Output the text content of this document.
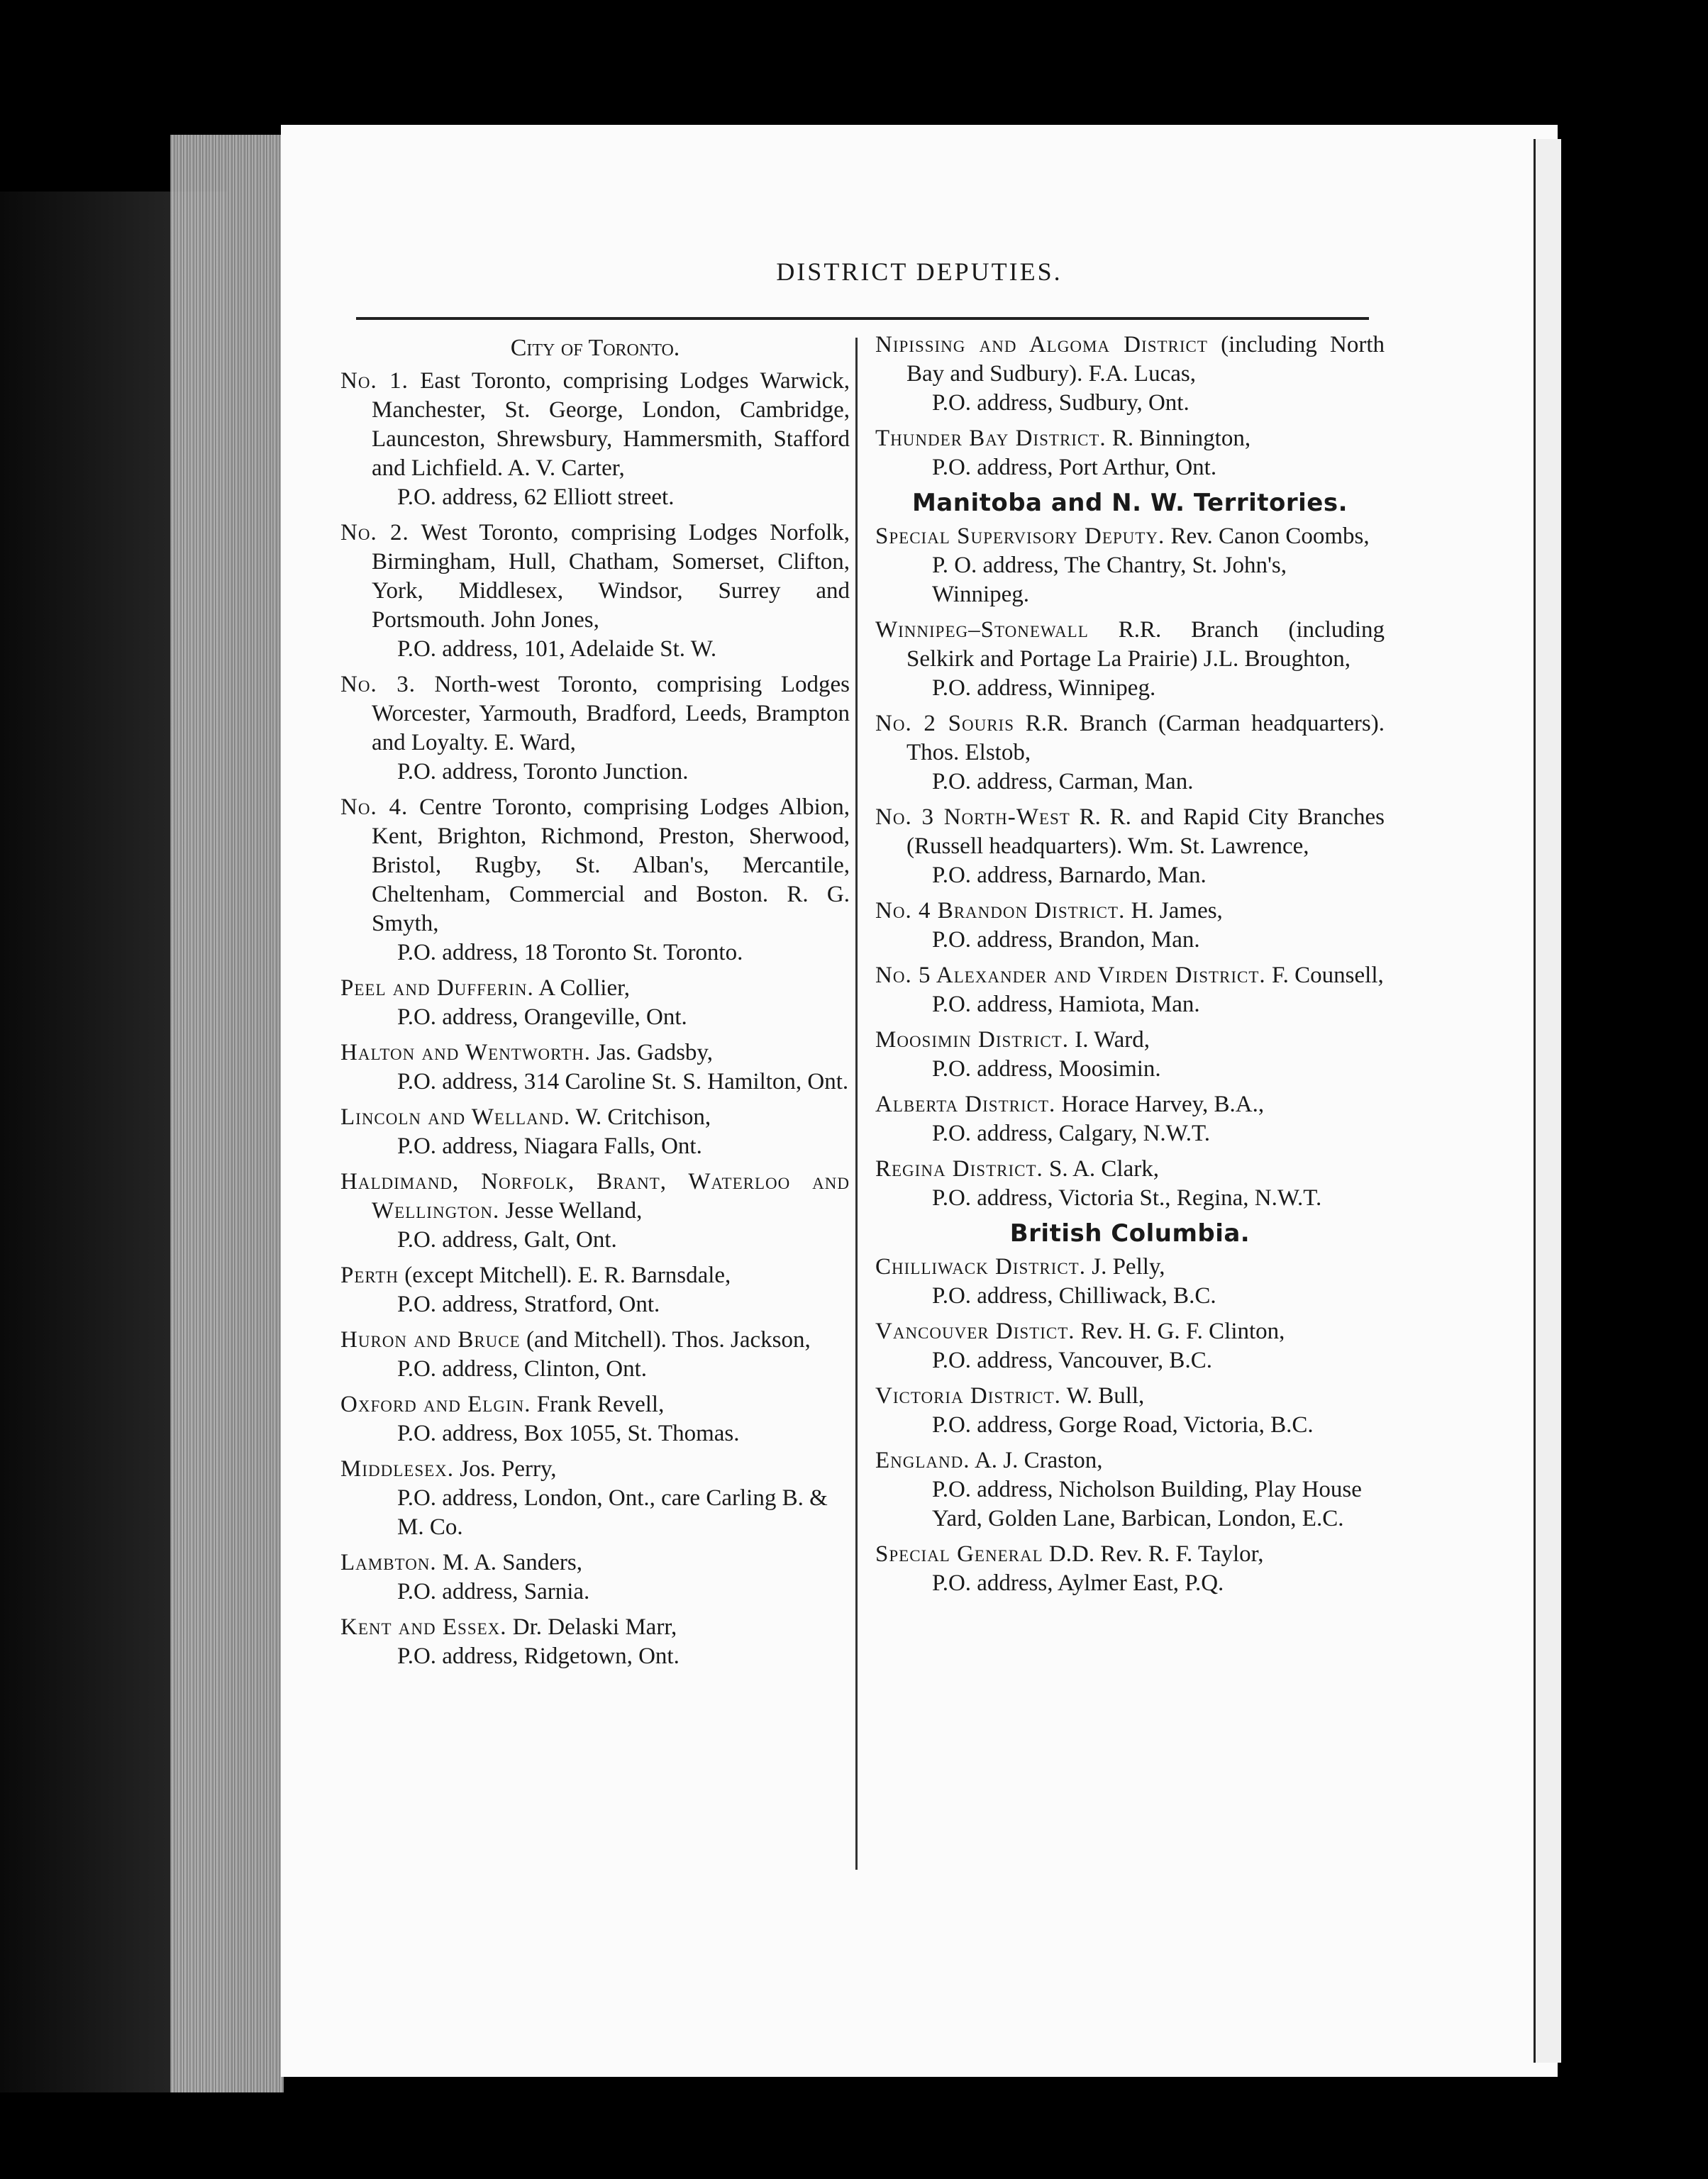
DISTRICT DEPUTIES.
City of Toronto.

No. 1. East Toronto, comprising Lodges Warwick, Manchester, St. George, London, Cambridge, Launceston, Shrewsbury, Hammersmith, Stafford and Lichfield. A. V. Carter,

P.O. address, 62 Elliott street.

No. 2. West Toronto, comprising Lodges Norfolk, Birmingham, Hull, Chatham, Somerset, Clifton, York, Middlesex, Windsor, Surrey and Portsmouth. John Jones,

P.O. address, 101, Adelaide St. W.

No. 3. North-west Toronto, comprising Lodges Worcester, Yarmouth, Bradford, Leeds, Brampton and Loyalty. E. Ward,

P.O. address, Toronto Junction.

No. 4. Centre Toronto, comprising Lodges Albion, Kent, Brighton, Richmond, Preston, Sherwood, Bristol, Rugby, St. Alban's, Mercantile, Cheltenham, Commercial and Boston. R. G. Smyth,

P.O. address, 18 Toronto St. Toronto.

Peel and Dufferin. A Collier,

P.O. address, Orangeville, Ont.

Halton and Wentworth. Jas. Gadsby,

P.O. address, 314 Caroline St. S. Hamilton, Ont.

Lincoln and Welland. W. Critchison,

P.O. address, Niagara Falls, Ont.

Haldimand, Norfolk, Brant, Waterloo and Wellington. Jesse Welland,

P.O. address, Galt, Ont.

Perth (except Mitchell). E. R. Barnsdale,

P.O. address, Stratford, Ont.

Huron and Bruce (and Mitchell). Thos. Jackson,

P.O. address, Clinton, Ont.

Oxford and Elgin. Frank Revell,

P.O. address, Box 1055, St. Thomas.

Middlesex. Jos. Perry,

P.O. address, London, Ont., care Carling B. & M. Co.

Lambton. M. A. Sanders,

P.O. address, Sarnia.

Kent and Essex. Dr. Delaski Marr,

P.O. address, Ridgetown, Ont.

Nipissing and Algoma District (including North Bay and Sudbury). F.A. Lucas,

P.O. address, Sudbury, Ont.

Thunder Bay District. R. Binnington,

P.O. address, Port Arthur, Ont.

Manitoba and N. W. Territories.

Special Supervisory Deputy. Rev. Canon Coombs,

P. O. address, The Chantry, St. John's, Winnipeg.

Winnipeg–Stonewall R.R. Branch (including Selkirk and Portage La Prairie) J.L. Broughton,

P.O. address, Winnipeg.

No. 2 Souris R.R. Branch (Carman headquarters). Thos. Elstob,

P.O. address, Carman, Man.

No. 3 North-West R. R. and Rapid City Branches (Russell headquarters). Wm. St. Lawrence,

P.O. address, Barnardo, Man.

No. 4 Brandon District. H. James,

P.O. address, Brandon, Man.

No. 5 Alexander and Virden District. F. Counsell,

P.O. address, Hamiota, Man.

Moosimin District. I. Ward,

P.O. address, Moosimin.

Alberta District. Horace Harvey, B.A.,

P.O. address, Calgary, N.W.T.

Regina District. S. A. Clark,

P.O. address, Victoria St., Regina, N.W.T.

British Columbia.

Chilliwack District. J. Pelly,

P.O. address, Chilliwack, B.C.

Vancouver Distict. Rev. H. G. F. Clinton,

P.O. address, Vancouver, B.C.

Victoria District. W. Bull,

P.O. address, Gorge Road, Victoria, B.C.

England. A. J. Craston,

P.O. address, Nicholson Building, Play House Yard, Golden Lane, Barbican, London, E.C.

Special General D.D. Rev. R. F. Taylor,

P.O. address, Aylmer East, P.Q.
